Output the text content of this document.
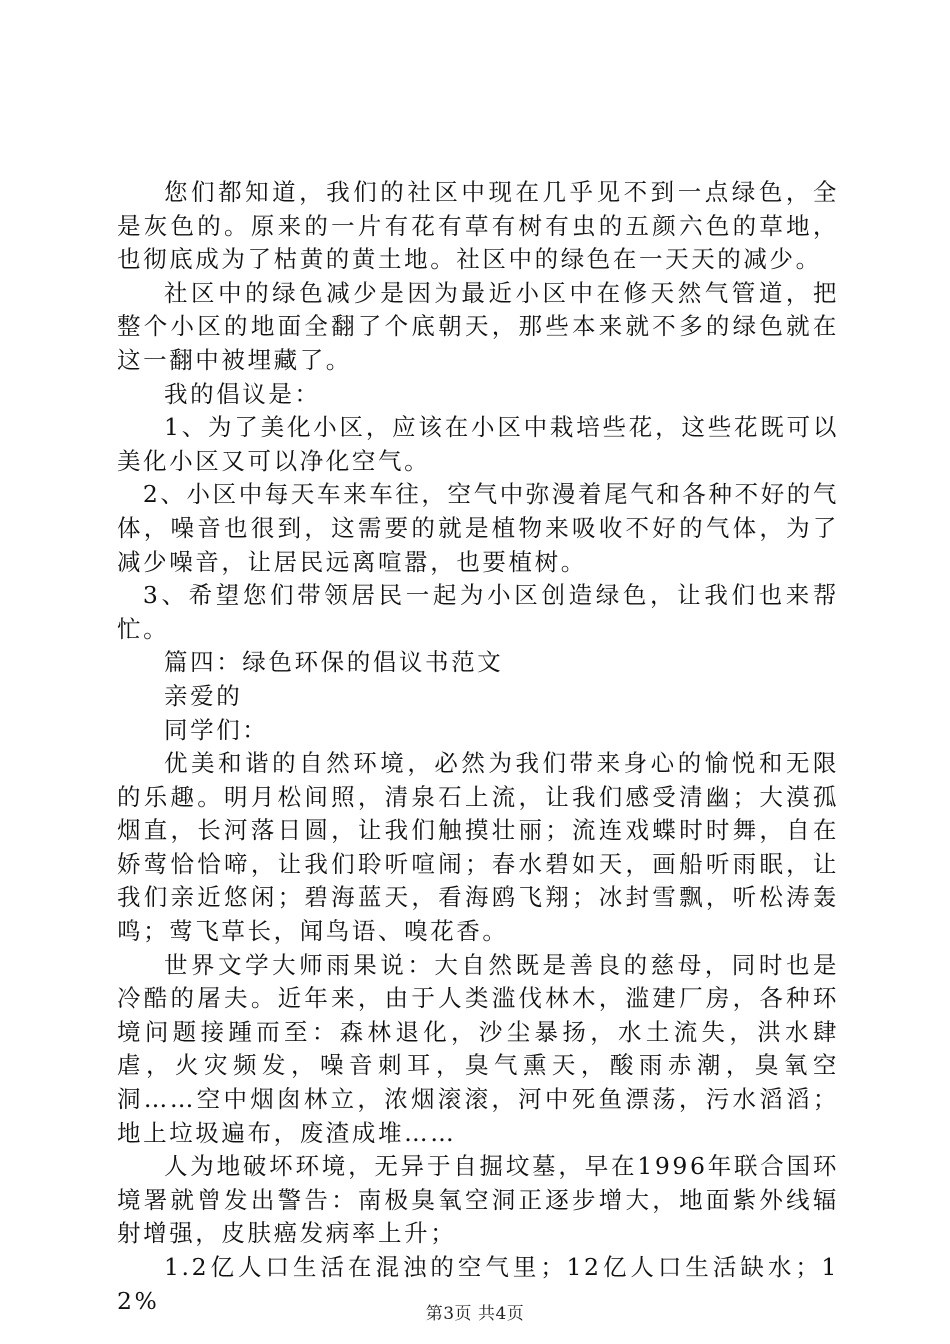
您们都知道，我们的社区中现在几乎见不到一点绿色，全是灰色的。原来的一片有花有草有树有虫的五颜六色的草地，也彻底成为了枯黄的黄土地。社区中的绿色在一天天的减少。

社区中的绿色减少是因为最近小区中在修天然气管道，把整个小区的地面全翻了个底朝天，那些本来就不多的绿色就在这一翻中被埋藏了。

我的倡议是：

1、为了美化小区，应该在小区中栽培些花，这些花既可以美化小区又可以净化空气。

2、小区中每天车来车往，空气中弥漫着尾气和各种不好的气体，噪音也很到，这需要的就是植物来吸收不好的气体，为了减少噪音，让居民远离喧嚣，也要植树。

3、希望您们带领居民一起为小区创造绿色，让我们也来帮忙。

篇四：绿色环保的倡议书范文

亲爱的

同学们：

优美和谐的自然环境，必然为我们带来身心的愉悦和无限的乐趣。明月松间照，清泉石上流，让我们感受清幽；大漠孤烟直，长河落日圆，让我们触摸壮丽；流连戏蝶时时舞，自在娇莺恰恰啼，让我们聆听喧闹；春水碧如天，画船听雨眠，让我们亲近悠闲；碧海蓝天，看海鸥飞翔；冰封雪飘，听松涛轰鸣；莺飞草长，闻鸟语、嗅花香。

世界文学大师雨果说：大自然既是善良的慈母，同时也是冷酷的屠夫。近年来，由于人类滥伐林木，滥建厂房，各种环境问题接踵而至：森林退化，沙尘暴扬，水土流失，洪水肆虐，火灾频发，噪音刺耳，臭气熏天，酸雨赤潮，臭氧空洞……空中烟囱林立，浓烟滚滚，河中死鱼漂荡，污水滔滔；地上垃圾遍布，废渣成堆……

人为地破坏环境，无异于自掘坟墓，早在1996年联合国环境署就曾发出警告：南极臭氧空洞正逐步增大，地面紫外线辐射增强，皮肤癌发病率上升；

1.2亿人口生活在混浊的空气里；12亿人口生活缺水；12%	第3页 共4页
